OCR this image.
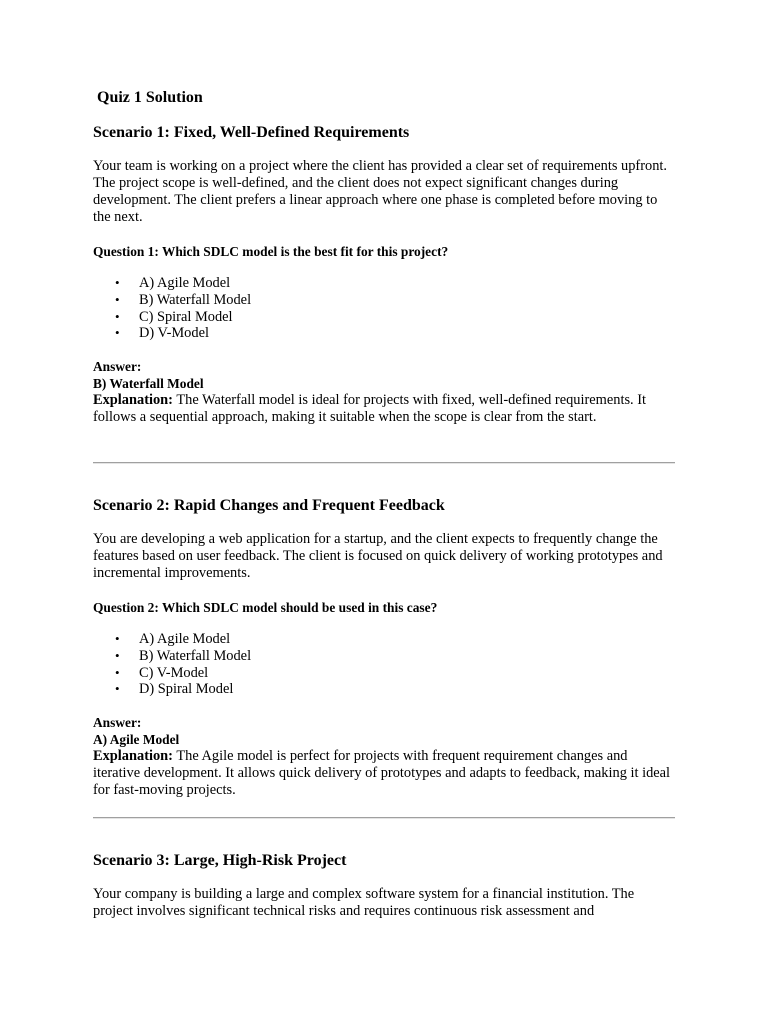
Quiz 1 Solution
Scenario 1: Fixed, Well-Defined Requirements

Your team is working on a project where the client has provided a clear set of requirements upfront. The project scope is well-defined, and the client does not expect significant changes during development. The client prefers a linear approach where one phase is completed before moving to the next.

Question 1: Which SDLC model is the best fit for this project?

• A) Agile Model
• B) Waterfall Model
• C) Spiral Model
• D) V-Model

Answer:

B) Waterfall Model

Explanation: The Waterfall model is ideal for projects with fixed, well-defined requirements. It follows a sequential approach, making it suitable when the scope is clear from the start.

Scenario 2: Rapid Changes and Frequent Feedback

You are developing a web application for a startup, and the client expects to frequently change the features based on user feedback. The client is focused on quick delivery of working prototypes and incremental improvements.

Question 2: Which SDLC model should be used in this case?

• A) Agile Model
• B) Waterfall Model
• C) V-Model
• D) Spiral Model

Answer:

A) Agile Model

Explanation: The Agile model is perfect for projects with frequent requirement changes and iterative development. It allows quick delivery of prototypes and adapts to feedback, making it ideal for fast-moving projects.

Scenario 3: Large, High-Risk Project

Your company is building a large and complex software system for a financial institution. The project involves significant technical risks and requires continuous risk assessment and
